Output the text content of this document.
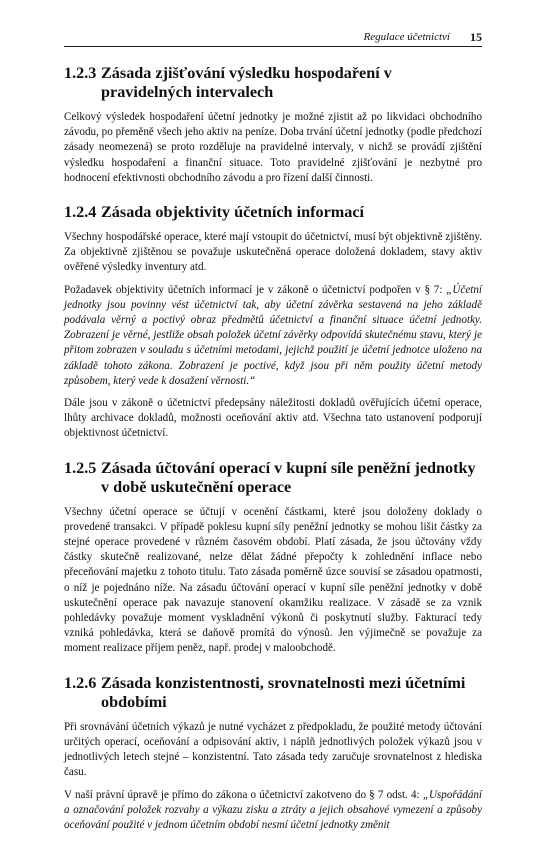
Regulace účetnictví 15
1.2.3 Zásada zjišťování výsledku hospodaření v pravidelných intervalech

Celkový výsledek hospodaření účetní jednotky je možné zjistit až po likvidaci obchodního závodu, po přeměně všech jeho aktiv na peníze. Doba trvání účetní jednotky (podle předchozí zásady neomezená) se proto rozděluje na pravidelné intervaly, v nichž se provádí zjištění výsledku hospodaření a finanční situace. Toto pravidelné zjišťování je nezbytné pro hodnocení efektivnosti obchodního závodu a pro řízení další činnosti.

1.2.4 Zásada objektivity účetních informací

Všechny hospodářské operace, které mají vstoupit do účetnictví, musí být objektivně zjištěny. Za objektivně zjištěnou se považuje uskutečněná operace doložená dokladem, stavy aktiv ověřené výsledky inventury atd.

Požadavek objektivity účetních informací je v zákoně o účetnictví podpořen v § 7: „Účetní jednotky jsou povinny vést účetnictví tak, aby účetní závěrka sestavená na jeho základě podávala věrný a poctivý obraz předmětů účetnictví a finanční situace účetní jednotky. Zobrazení je věrné, jestliže obsah položek účetní závěrky odpovídá skutečnému stavu, který je přitom zobrazen v souladu s účetními metodami, jejichž použití je účetní jednotce uloženo na základě tohoto zákona. Zobrazení je poctivé, když jsou při něm použity účetní metody způsobem, který vede k dosažení věrnosti.“

Dále jsou v zákoně o účetnictví předepsány náležitosti dokladů ověřujících účetní operace, lhůty archivace dokladů, možnosti oceňování aktiv atd. Všechna tato ustanovení podporují objektivnost účetnictví.

1.2.5 Zásada účtování operací v kupní síle peněžní jednotky v době uskutečnění operace

Všechny účetní operace se účtují v ocenění částkami, které jsou doloženy doklady o provedené transakci. V případě poklesu kupní síly peněžní jednotky se mohou lišit částky za stejné operace provedené v různém časovém období. Platí zásada, že jsou účtovány vždy částky skutečně realizované, nelze dělat žádné přepočty k zohlednění inflace nebo přeceňování majetku z tohoto titulu. Tato zásada poměrně úzce souvisí se zásadou opatrnosti, o níž je pojednáno níže. Na zásadu účtování operací v kupní síle peněžní jednotky v době uskutečnění operace pak navazuje stanovení okamžiku realizace. V zásadě se za vznik pohledávky považuje moment vyskladnění výkonů či poskytnutí služby. Fakturací tedy vzniká pohledávka, která se daňově promítá do výnosů. Jen výjimečně se považuje za moment realizace příjem peněz, např. prodej v maloobchodě.

1.2.6 Zásada konzistentnosti, srovnatelnosti mezi účetními obdobími

Při srovnávání účetních výkazů je nutné vycházet z předpokladu, že použité metody účtování určitých operací, oceňování a odpisování aktiv, i náplň jednotlivých položek výkazů jsou v jednotlivých letech stejné – konzistentní. Tato zásada tedy zaručuje srovnatelnost z hlediska času.

V naší právní úpravě je přímo do zákona o účetnictví zakotveno do § 7 odst. 4: „Uspořádání a označování položek rozvahy a výkazu zisku a ztráty a jejich obsahové vymezení a způsoby oceňování použité v jednom účetním období nesmí účetní jednotky změnit
